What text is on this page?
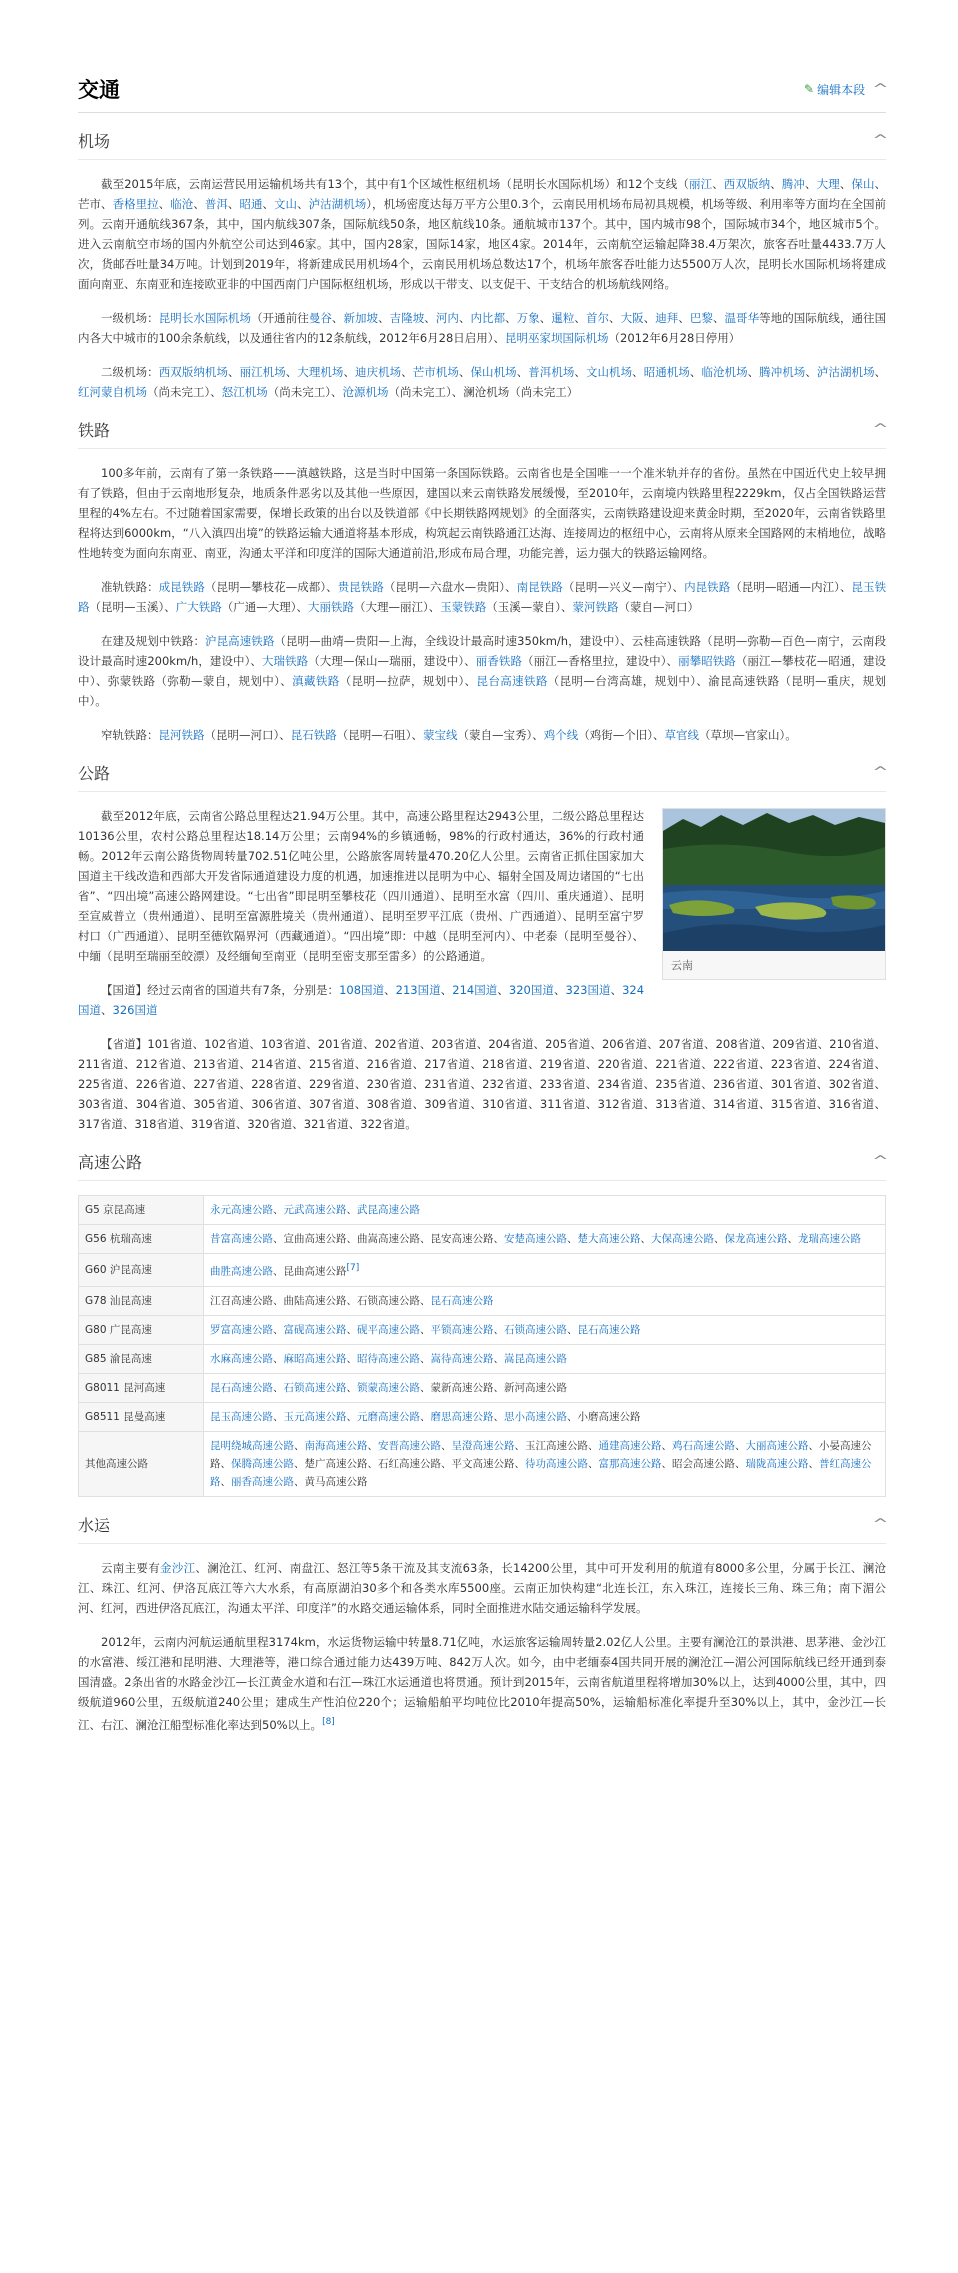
交通	✎ 编辑本段 ^
机场	^

截至2015年底，云南运营民用运输机场共有13个，其中有1个区域性枢纽机场（昆明长水国际机场）和12个支线（丽江、西双版纳、腾冲、大理、保山、芒市、香格里拉、临沧、普洱、昭通、文山、泸沽湖机场），机场密度达每万平方公里0.3个，云南民用机场布局初具规模，机场等级、利用率等方面均在全国前列。云南开通航线367条，其中，国内航线307条，国际航线50条，地区航线10条。通航城市137个。其中，国内城市98个，国际城市34个，地区城市5个。进入云南航空市场的国内外航空公司达到46家。其中，国内28家，国际14家，地区4家。2014年，云南航空运输起降38.4万架次，旅客吞吐量4433.7万人次，货邮吞吐量34万吨。计划到2019年，将新建成民用机场4个，云南民用机场总数达17个，机场年旅客吞吐能力达5500万人次，昆明长水国际机场将建成面向南亚、东南亚和连接欧亚非的中国西南门户国际枢纽机场，形成以干带支、以支促干、干支结合的机场航线网络。

一级机场：昆明长水国际机场（开通前往曼谷、新加坡、吉隆坡、河内、内比都、万象、暹粒、首尔、大阪、迪拜、巴黎、温哥华等地的国际航线，通往国内各大中城市的100余条航线，以及通往省内的12条航线，2012年6月28日启用）、昆明巫家坝国际机场（2012年6月28日停用）

二级机场：西双版纳机场、丽江机场、大理机场、迪庆机场、芒市机场、保山机场、普洱机场、文山机场、昭通机场、临沧机场、腾冲机场、泸沽湖机场、红河蒙自机场（尚未完工）、怒江机场（尚未完工）、沧源机场（尚未完工）、澜沧机场（尚未完工）

铁路	^

100多年前，云南有了第一条铁路——滇越铁路，这是当时中国第一条国际铁路。云南省也是全国唯一一个准米轨并存的省份。虽然在中国近代史上较早拥有了铁路，但由于云南地形复杂，地质条件恶劣以及其他一些原因，建国以来云南铁路发展缓慢，至2010年，云南境内铁路里程2229km，仅占全国铁路运营里程的4%左右。不过随着国家需要，保增长政策的出台以及铁道部《中长期铁路网规划》的全面落实，云南铁路建设迎来黄金时期，至2020年，云南省铁路里程将达到6000km，“八入滇四出境”的铁路运输大通道将基本形成，构筑起云南铁路通江达海、连接周边的枢纽中心，云南将从原来全国路网的末梢地位，战略性地转变为面向东南亚、南亚，沟通太平洋和印度洋的国际大通道前沿,形成布局合理，功能完善，运力强大的铁路运输网络。

准轨铁路：成昆铁路（昆明—攀枝花—成都）、贵昆铁路（昆明—六盘水—贵阳）、南昆铁路（昆明—兴义—南宁）、内昆铁路（昆明—昭通—内江）、昆玉铁路（昆明—玉溪）、广大铁路（广通—大理）、大丽铁路（大理—丽江）、玉蒙铁路（玉溪—蒙自）、蒙河铁路（蒙自—河口）

在建及规划中铁路：沪昆高速铁路（昆明—曲靖—贵阳—上海，全线设计最高时速350km/h，建设中）、云桂高速铁路（昆明—弥勒—百色—南宁，云南段设计最高时速200km/h，建设中）、大瑞铁路（大理—保山—瑞丽，建设中）、丽香铁路（丽江—香格里拉，建设中）、丽攀昭铁路（丽江—攀枝花—昭通，建设中）、弥蒙铁路（弥勒—蒙自，规划中）、滇藏铁路（昆明—拉萨，规划中）、昆台高速铁路（昆明—台湾高雄，规划中）、渝昆高速铁路（昆明—重庆，规划中）。

窄轨铁路：昆河铁路（昆明—河口）、昆石铁路（昆明—石咀）、蒙宝线（蒙自—宝秀）、鸡个线（鸡街—个旧）、草官线（草坝—官家山）。

公路	^
云南

截至2012年底，云南省公路总里程达21.94万公里。其中，高速公路里程达2943公里，二级公路总里程达10136公里，农村公路总里程达18.14万公里；云南94%的乡镇通畅，98%的行政村通达，36%的行政村通畅。2012年云南公路货物周转量702.51亿吨公里，公路旅客周转量470.20亿人公里。云南省正抓住国家加大国道主干线改造和西部大开发省际通道建设力度的机遇，加速推进以昆明为中心、辐射全国及周边诸国的“七出省”、“四出境”高速公路网建设。“七出省”即昆明至攀枝花（四川通道）、昆明至水富（四川、重庆通道）、昆明至宣威普立（贵州通道）、昆明至富源胜境关（贵州通道）、昆明至罗平江底（贵州、广西通道）、昆明至富宁罗村口（广西通道）、昆明至德钦隔界河（西藏通道）。“四出境”即：中越（昆明至河内）、中老泰（昆明至曼谷）、中缅（昆明至瑞丽至皎漂）及经缅甸至南亚（昆明至密支那至雷多）的公路通道。

【国道】经过云南省的国道共有7条，分别是：108国道、213国道、214国道、320国道、323国道、324国道、326国道

【省道】101省道、102省道、103省道、201省道、202省道、203省道、204省道、205省道、206省道、207省道、208省道、209省道、210省道、211省道、212省道、213省道、214省道、215省道、216省道、217省道、218省道、219省道、220省道、221省道、222省道、223省道、224省道、225省道、226省道、227省道、228省道、229省道、230省道、231省道、232省道、233省道、234省道、235省道、236省道、301省道、302省道、303省道、304省道、305省道、306省道、307省道、308省道、309省道、310省道、311省道、312省道、313省道、314省道、315省道、316省道、317省道、318省道、319省道、320省道、321省道、322省道。

高速公路	^
G5 京昆高速	永元高速公路、元武高速公路、武昆高速公路
G56 杭瑞高速	昔富高速公路、宣曲高速公路、曲嵩高速公路、昆安高速公路、安楚高速公路、楚大高速公路、大保高速公路、保龙高速公路、龙瑞高速公路
G60 沪昆高速	曲胜高速公路、昆曲高速公路[7]
G78 汕昆高速	江召高速公路、曲陆高速公路、石锁高速公路、昆石高速公路
G80 广昆高速	罗富高速公路、富砚高速公路、砚平高速公路、平锁高速公路、石锁高速公路、昆石高速公路
G85 渝昆高速	水麻高速公路、麻昭高速公路、昭待高速公路、嵩待高速公路、嵩昆高速公路
G8011 昆河高速	昆石高速公路、石锁高速公路、锁蒙高速公路、蒙新高速公路、新河高速公路
G8511 昆曼高速	昆玉高速公路、玉元高速公路、元磨高速公路、磨思高速公路、思小高速公路、小磨高速公路
其他高速公路	昆明绕城高速公路、南海高速公路、安晋高速公路、呈澄高速公路、玉江高速公路、通建高速公路、鸡石高速公路、大丽高速公路、小晏高速公路、保腾高速公路、楚广高速公路、石红高速公路、平文高速公路、待功高速公路、富那高速公路、昭会高速公路、瑞陇高速公路、普红高速公路、丽香高速公路、黄马高速公路
水运	^

云南主要有金沙江、澜沧江、红河、南盘江、怒江等5条干流及其支流63条，长14200公里，其中可开发利用的航道有8000多公里，分属于长江、澜沧江、珠江、红河、伊洛瓦底江等六大水系，有高原湖泊30多个和各类水库5500座。云南正加快构建“北连长江，东入珠江，连接长三角、珠三角；南下湄公河、红河，西进伊洛瓦底江，沟通太平洋、印度洋”的水路交通运输体系，同时全面推进水陆交通运输科学发展。

2012年，云南内河航运通航里程3174km，水运货物运输中转量8.71亿吨，水运旅客运输周转量2.02亿人公里。主要有澜沧江的景洪港、思茅港、金沙江的水富港、绥江港和昆明港、大理港等，港口综合通过能力达439万吨、842万人次。如今，由中老缅泰4国共同开展的澜沧江—湄公河国际航线已经开通到泰国清盛。2条出省的水路金沙江—长江黄金水道和右江—珠江水运通道也将贯通。预计到2015年，云南省航道里程将增加30%以上，达到4000公里，其中，四级航道960公里，五级航道240公里；建成生产性泊位220个；运输船舶平均吨位比2010年提高50%，运输船标准化率提升至30%以上，其中，金沙江—长江、右江、澜沧江船型标准化率达到50%以上。[8]
